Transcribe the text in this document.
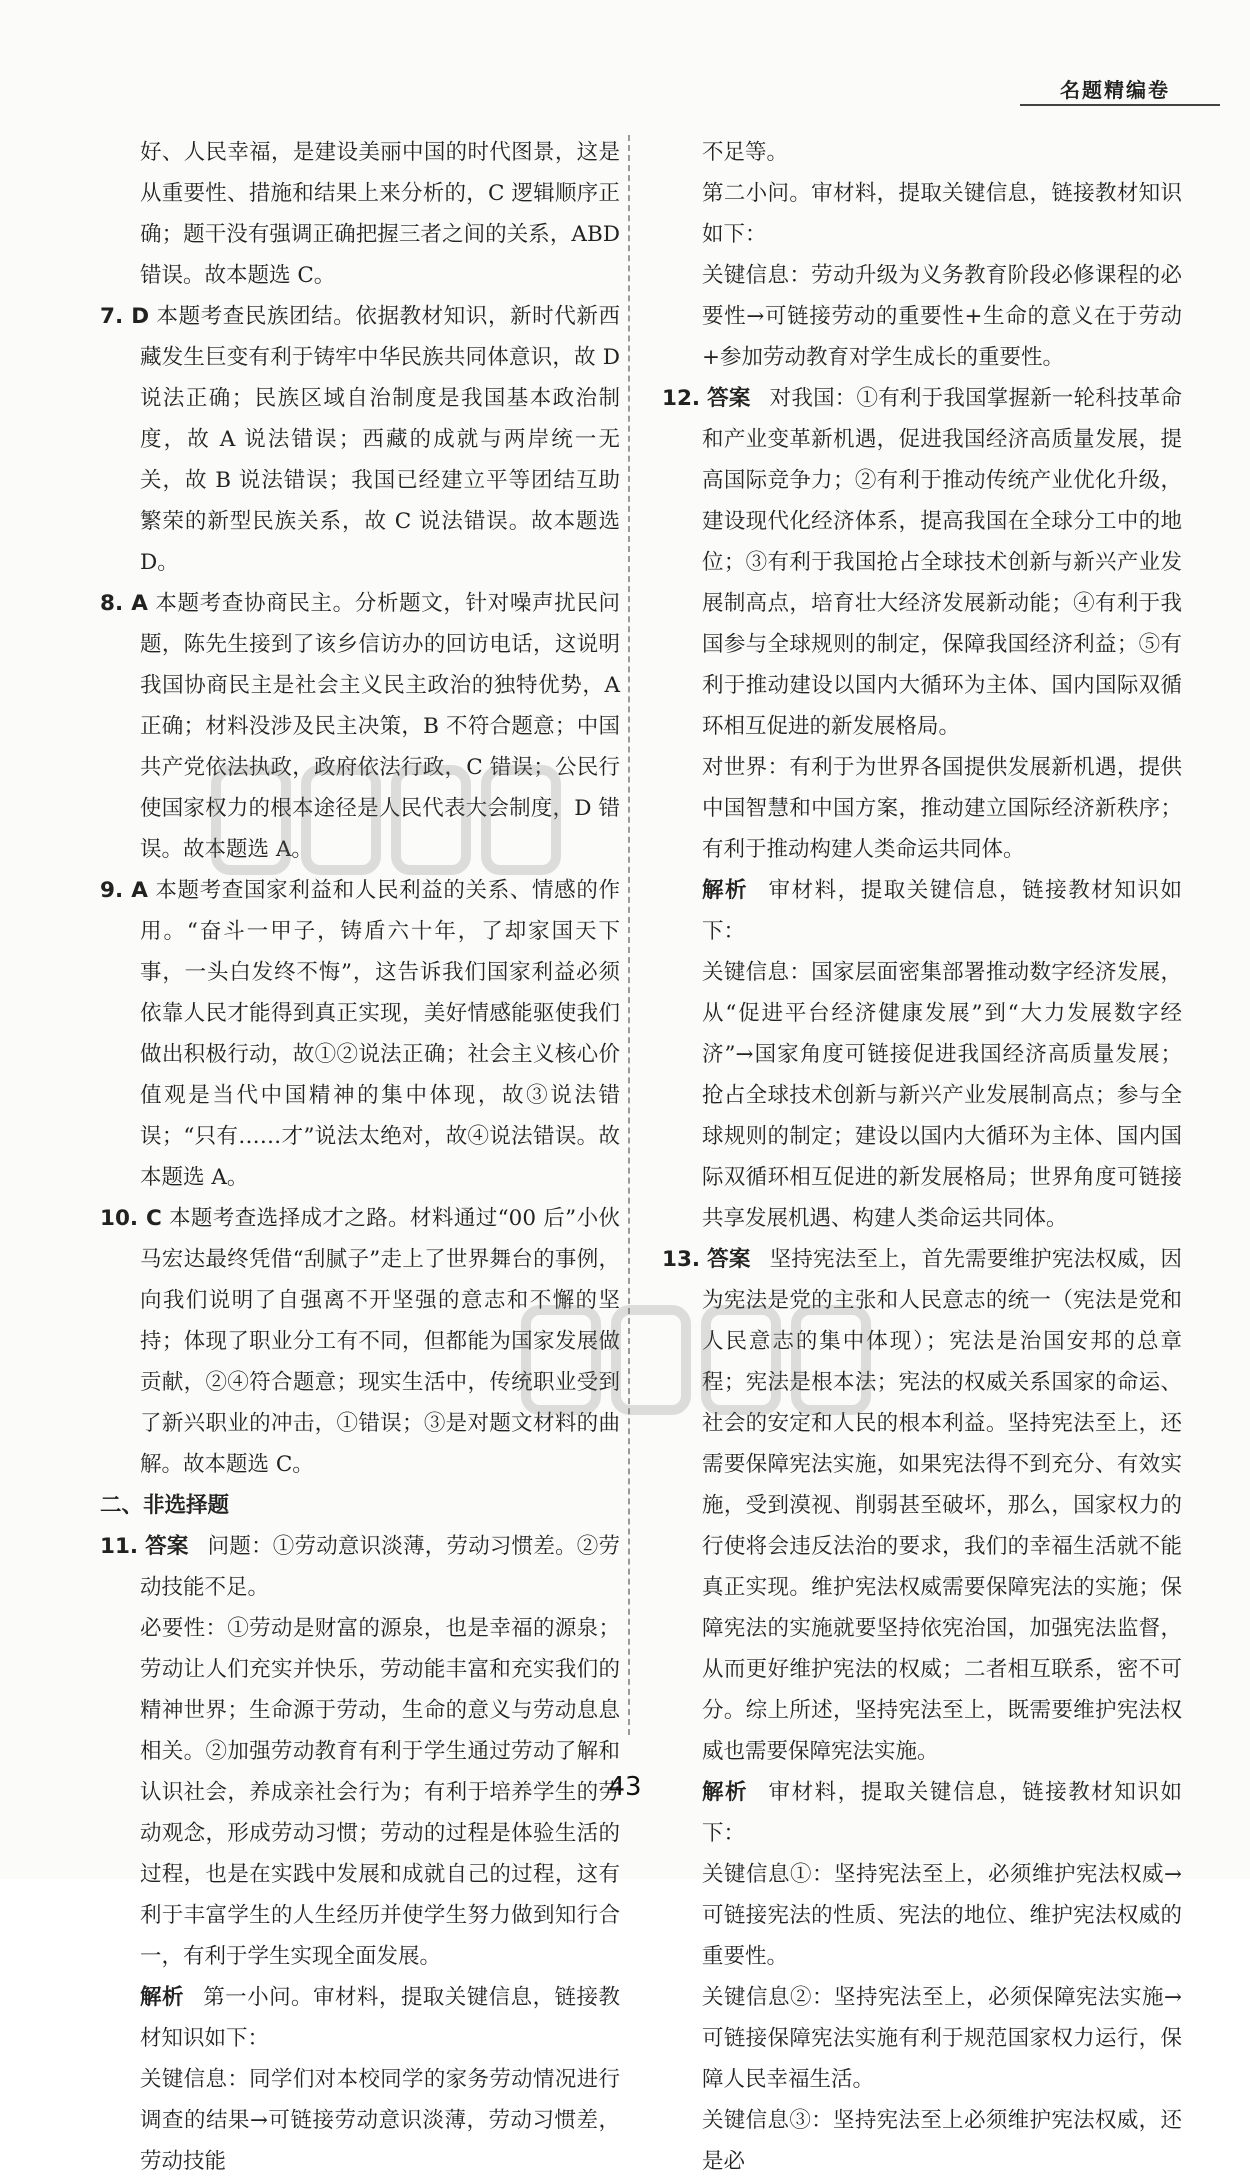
名题精编卷

好、人民幸福，是建设美丽中国的时代图景，这是从重要性、措施和结果上来分析的，C 逻辑顺序正确；题干没有强调正确把握三者之间的关系，ABD 错误。故本题选 C。

7. D 本题考查民族团结。依据教材知识，新时代新西藏发生巨变有利于铸牢中华民族共同体意识，故 D 说法正确；民族区域自治制度是我国基本政治制度，故 A 说法错误；西藏的成就与两岸统一无关，故 B 说法错误；我国已经建立平等团结互助繁荣的新型民族关系，故 C 说法错误。故本题选 D。

8. A 本题考查协商民主。分析题文，针对噪声扰民问题，陈先生接到了该乡信访办的回访电话，这说明我国协商民主是社会主义民主政治的独特优势，A 正确；材料没涉及民主决策，B 不符合题意；中国共产党依法执政，政府依法行政，C 错误；公民行使国家权力的根本途径是人民代表大会制度，D 错误。故本题选 A。

9. A 本题考查国家利益和人民利益的关系、情感的作用。“奋斗一甲子，铸盾六十年，了却家国天下事，一头白发终不悔”，这告诉我们国家利益必须依靠人民才能得到真正实现，美好情感能驱使我们做出积极行动，故①②说法正确；社会主义核心价值观是当代中国精神的集中体现，故③说法错误；“只有……才”说法太绝对，故④说法错误。故本题选 A。

10. C 本题考查选择成才之路。材料通过“00 后”小伙马宏达最终凭借“刮腻子”走上了世界舞台的事例，向我们说明了自强离不开坚强的意志和不懈的坚持；体现了职业分工有不同，但都能为国家发展做贡献，②④符合题意；现实生活中，传统职业受到了新兴职业的冲击，①错误；③是对题文材料的曲解。故本题选 C。

二、非选择题

11. 答案 问题：①劳动意识淡薄，劳动习惯差。②劳动技能不足。

必要性：①劳动是财富的源泉，也是幸福的源泉；劳动让人们充实并快乐，劳动能丰富和充实我们的精神世界；生命源于劳动，生命的意义与劳动息息相关。②加强劳动教育有利于学生通过劳动了解和认识社会，养成亲社会行为；有利于培养学生的劳动观念，形成劳动习惯；劳动的过程是体验生活的过程，也是在实践中发展和成就自己的过程，这有利于丰富学生的人生经历并使学生努力做到知行合一，有利于学生实现全面发展。

解析 第一小问。审材料，提取关键信息，链接教材知识如下：

关键信息：同学们对本校同学的家务劳动情况进行调查的结果→可链接劳动意识淡薄，劳动习惯差，劳动技能

不足等。

第二小问。审材料，提取关键信息，链接教材知识如下：

关键信息：劳动升级为义务教育阶段必修课程的必要性→可链接劳动的重要性+生命的意义在于劳动+参加劳动教育对学生成长的重要性。

12. 答案 对我国：①有利于我国掌握新一轮科技革命和产业变革新机遇，促进我国经济高质量发展，提高国际竞争力；②有利于推动传统产业优化升级，建设现代化经济体系，提高我国在全球分工中的地位；③有利于我国抢占全球技术创新与新兴产业发展制高点，培育壮大经济发展新动能；④有利于我国参与全球规则的制定，保障我国经济利益；⑤有利于推动建设以国内大循环为主体、国内国际双循环相互促进的新发展格局。

对世界：有利于为世界各国提供发展新机遇，提供中国智慧和中国方案，推动建立国际经济新秩序；有利于推动构建人类命运共同体。

解析 审材料，提取关键信息，链接教材知识如下：

关键信息：国家层面密集部署推动数字经济发展，从“促进平台经济健康发展”到“大力发展数字经济”→国家角度可链接促进我国经济高质量发展；抢占全球技术创新与新兴产业发展制高点；参与全球规则的制定；建设以国内大循环为主体、国内国际双循环相互促进的新发展格局；世界角度可链接共享发展机遇、构建人类命运共同体。

13. 答案 坚持宪法至上，首先需要维护宪法权威，因为宪法是党的主张和人民意志的统一（宪法是党和人民意志的集中体现）；宪法是治国安邦的总章程；宪法是根本法；宪法的权威关系国家的命运、社会的安定和人民的根本利益。坚持宪法至上，还需要保障宪法实施，如果宪法得不到充分、有效实施，受到漠视、削弱甚至破坏，那么，国家权力的行使将会违反法治的要求，我们的幸福生活就不能真正实现。维护宪法权威需要保障宪法的实施；保障宪法的实施就要坚持依宪治国，加强宪法监督，从而更好维护宪法的权威；二者相互联系，密不可分。综上所述，坚持宪法至上，既需要维护宪法权威也需要保障宪法实施。

解析 审材料，提取关键信息，链接教材知识如下：

关键信息①：坚持宪法至上，必须维护宪法权威→可链接宪法的性质、宪法的地位、维护宪法权威的重要性。

关键信息②：坚持宪法至上，必须保障宪法实施→可链接保障宪法实施有利于规范国家权力运行，保障人民幸福生活。

关键信息③：坚持宪法至上必须维护宪法权威，还是必

43
